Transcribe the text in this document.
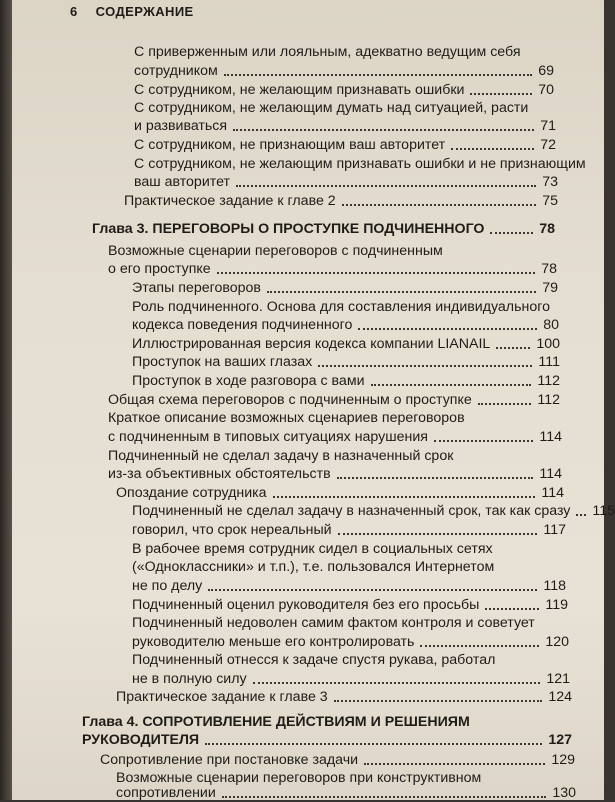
6 СОДЕРЖАНИЕ
С приверженным или лояльным, адекватно ведущим себя
сотрудником	69
С сотрудником, не желающим признавать ошибки	70
С сотрудником, не желающим думать над ситуацией, расти
и развиваться	71
С сотрудником, не признающим ваш авторитет	72
С сотрудником, не желающим признавать ошибки и не признающим
ваш авторитет	73
Практическое задание к главе 2	75
Глава 3. ПЕРЕГОВОРЫ О ПРОСТУПКЕ ПОДЧИНЕННОГО	78
Возможные сценарии переговоров с подчиненным
о его проступке	78
Этапы переговоров	79
Роль подчиненного. Основа для составления индивидуального
кодекса поведения подчиненного	80
Иллюстрированная версия кодекса компании LIANAIL	100
Проступок на ваших глазах	111
Проступок в ходе разговора с вами	112
Общая схема переговоров с подчиненным о проступке	112
Краткое описание возможных сценариев переговоров
с подчиненным в типовых ситуациях нарушения	114
Подчиненный не сделал задачу в назначенный срок
из-за объективных обстоятельств	114
Опоздание сотрудника	114
Подчиненный не сделал задачу в назначенный срок, так как сразу 115
говорил, что срок нереальный	117
В рабочее время сотрудник сидел в социальных сетях
(«Одноклассники» и т.п.), т.е. пользовался Интернетом
не по делу	118
Подчиненный оценил руководителя без его просьбы	119
Подчиненный недоволен самим фактом контроля и советует
руководителю меньше его контролировать	120
Подчиненный отнесся к задаче спустя рукава, работал
не в полную силу	121
Практическое задание к главе 3	124
Глава 4. СОПРОТИВЛЕНИЕ ДЕЙСТВИЯМ И РЕШЕНИЯМ
РУКОВОДИТЕЛЯ	127
Сопротивление при постановке задачи	129
Возможные сценарии переговоров при конструктивном
сопротивлении	130
